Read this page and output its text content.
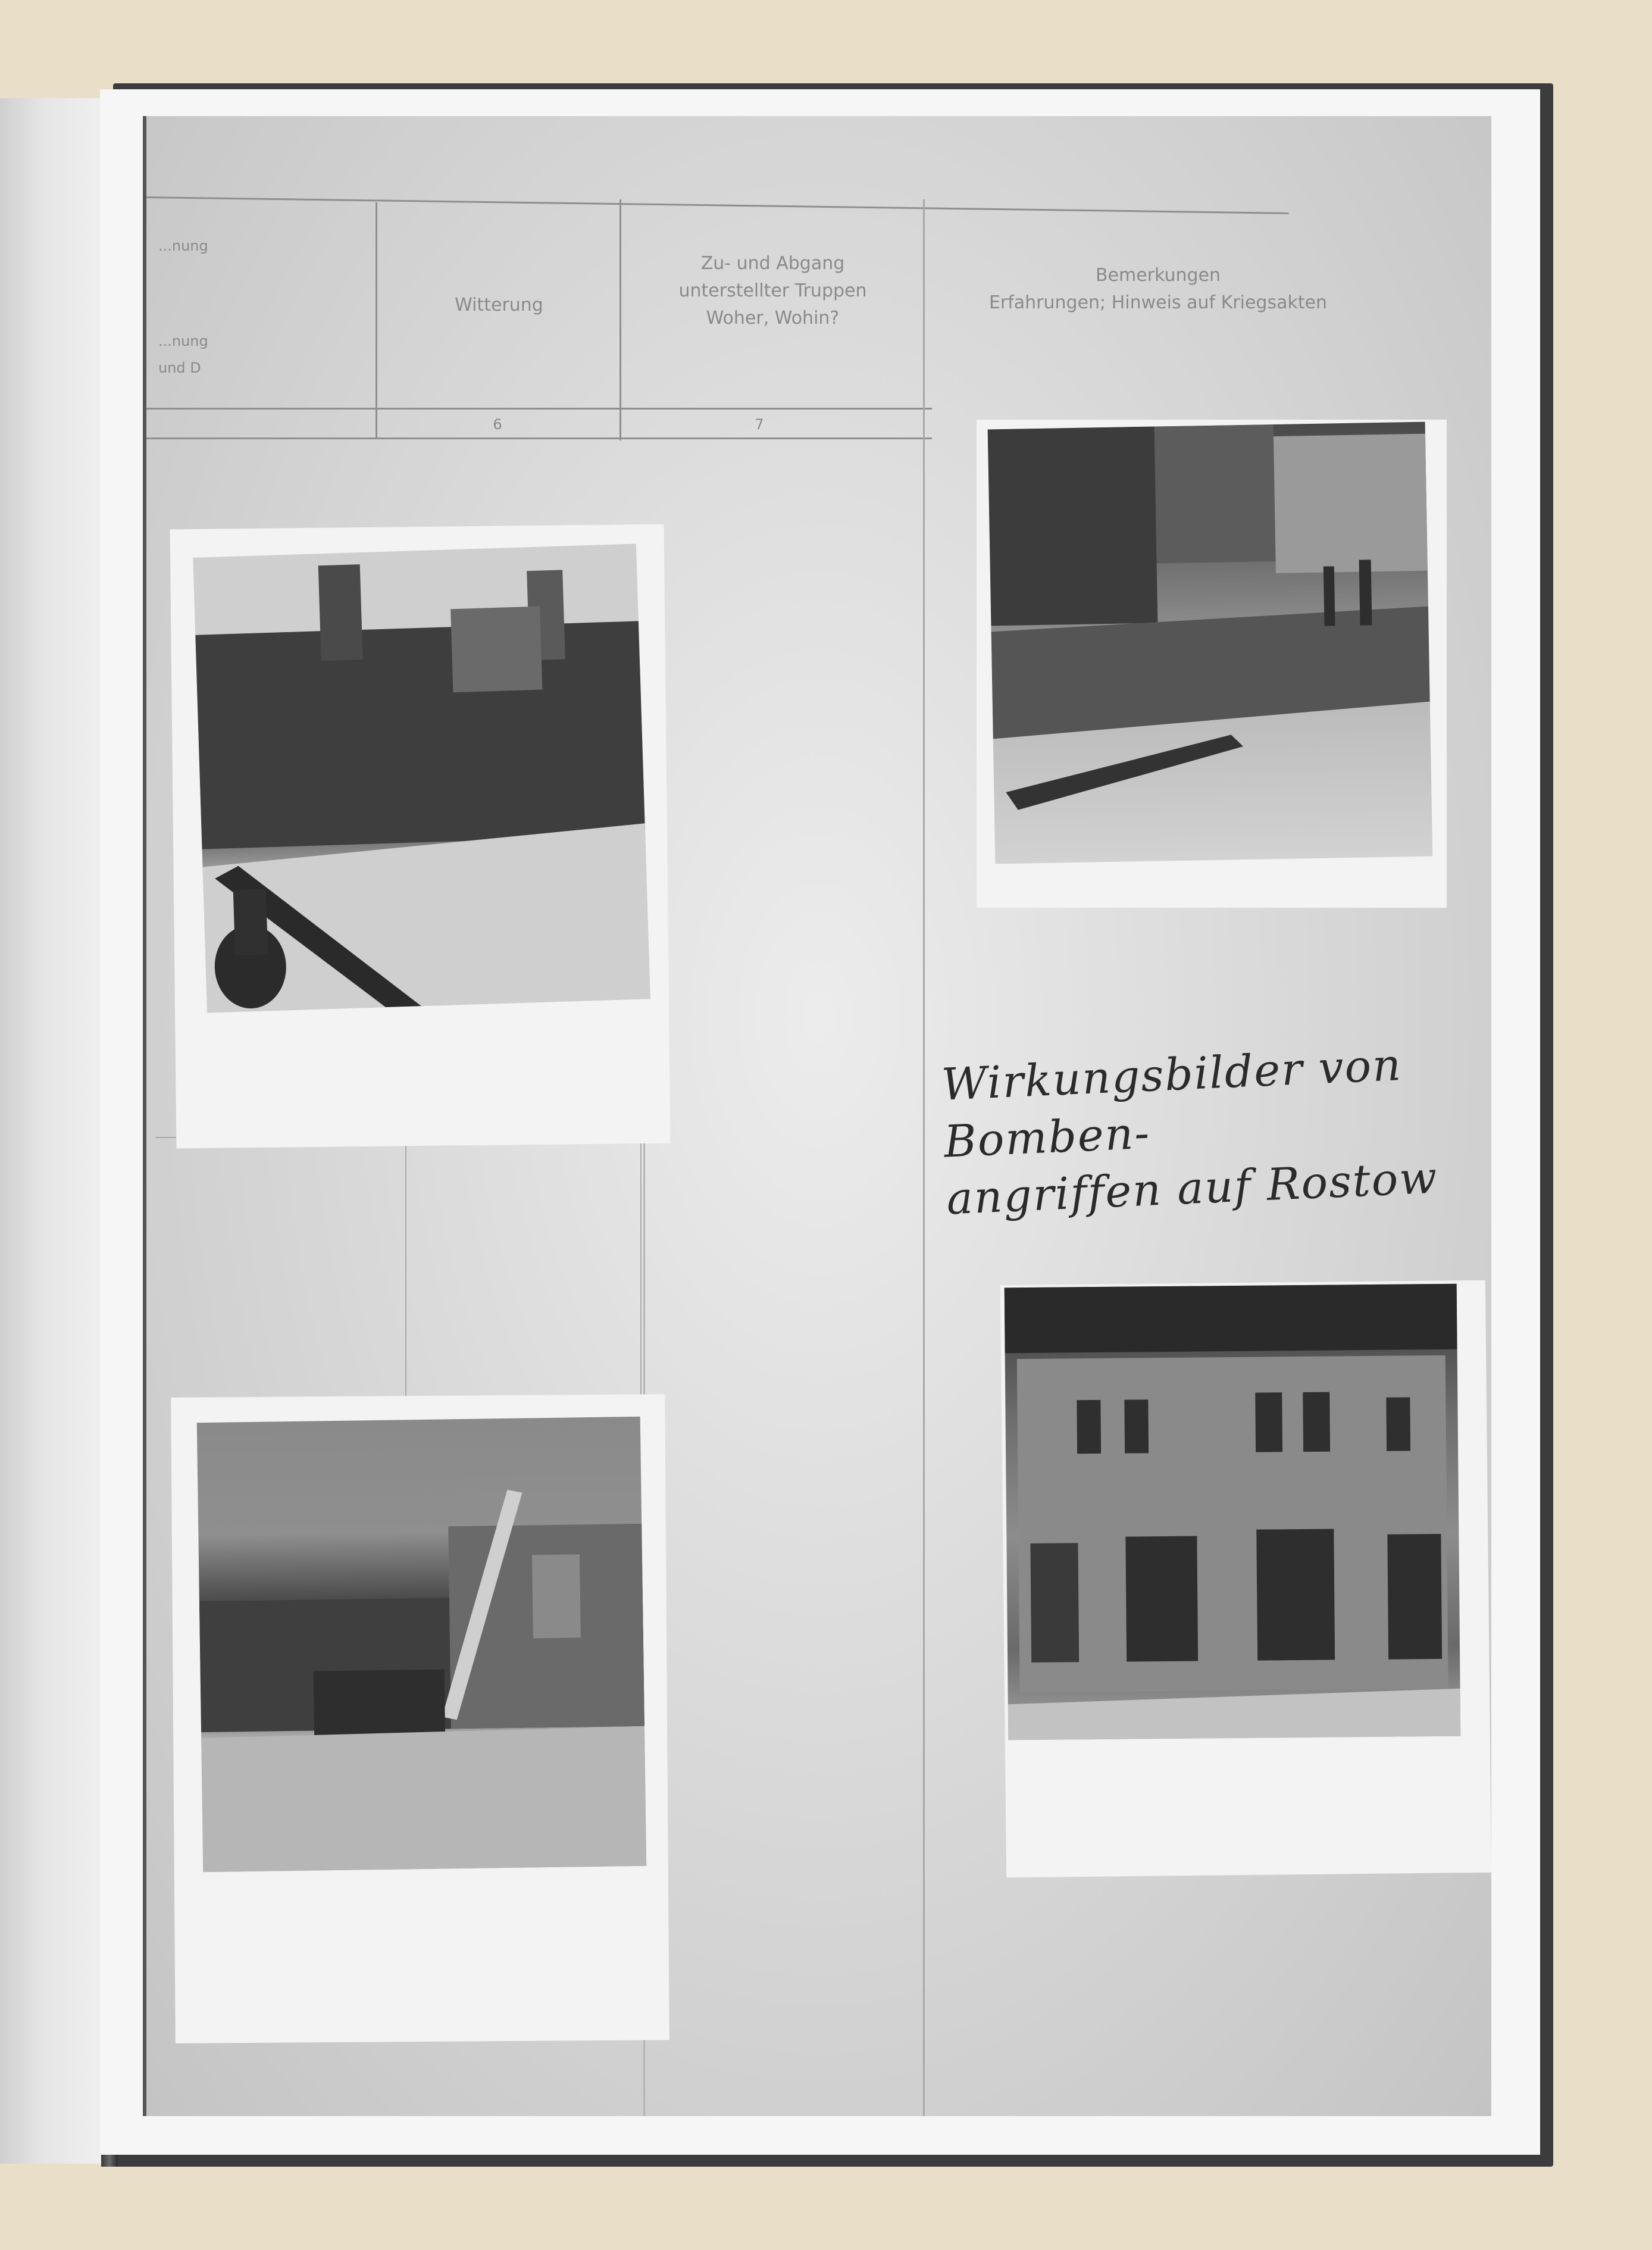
...nung
...nung
und D
Witterung
Zu- und Abgang
unterstellter Truppen
Woher, Wohin?
Bemerkungen
Erfahrungen; Hinweis auf Kriegsakten
6	7
Wirkungsbilder von Bomben-
angriffen auf Rostow
